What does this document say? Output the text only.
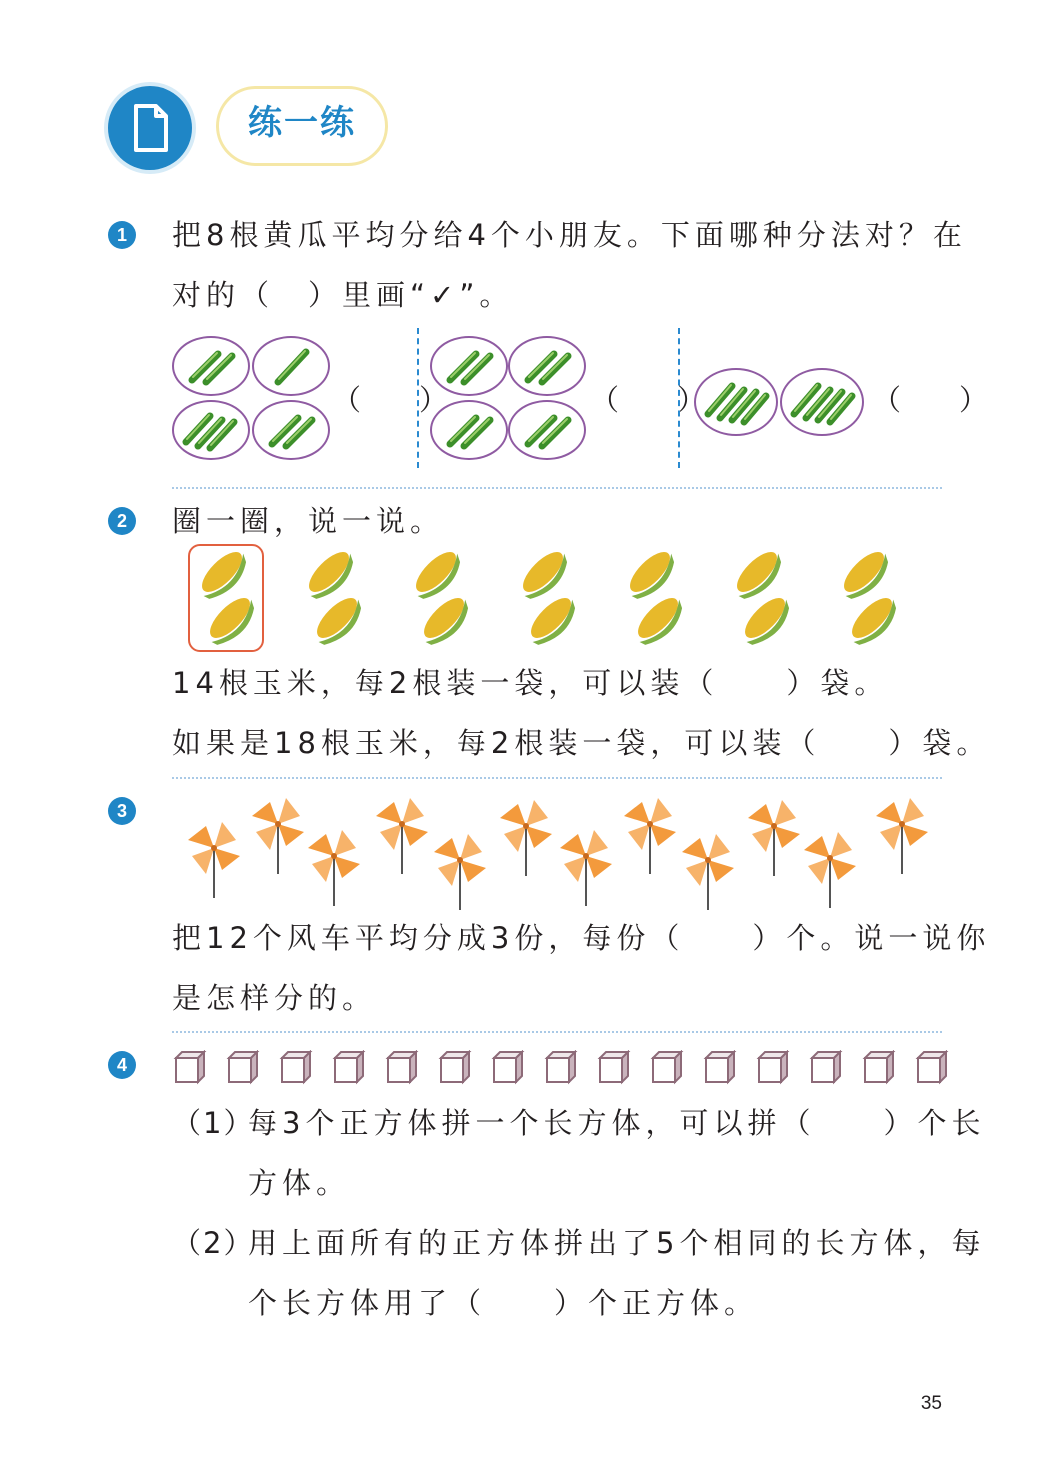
练一练
1	把8根黄瓜平均分给4个小朋友。下面哪种分法对？在
对的（　）里画“✓”。
（　　）	（　　）	（　　）
2	圈一圈，说一说。
14根玉米，每2根装一袋，可以装（　　）袋。
如果是18根玉米，每2根装一袋，可以装（　　）袋。
3
把12个风车平均分成3份，每份（　　）个。说一说你
是怎样分的。
4
（1）
每3个正方体拼一个长方体，可以拼（　　）个长
方体。
（2）
用上面所有的正方体拼出了5个相同的长方体，每
个长方体用了（　　）个正方体。
35
